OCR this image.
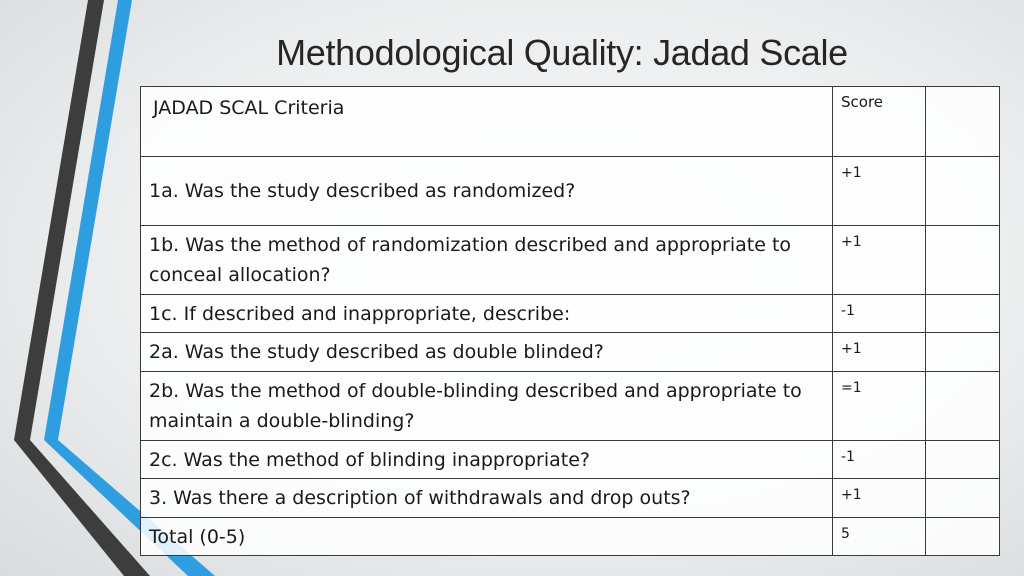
Methodological Quality: Jadad Scale
JADAD SCAL Criteria	Score	
1a. Was the study described as randomized?	+1	
1b. Was the method of randomization described and appropriate to conceal allocation?	+1	
1c. If described and inappropriate, describe:	-1	
2a. Was the study described as double blinded?	+1	
2b. Was the method of double-blinding described and appropriate to maintain a double-blinding?	=1	
2c. Was the method of blinding inappropriate?	-1	
3. Was there a description of withdrawals and drop outs?	+1	
Total (0-5)	5	
